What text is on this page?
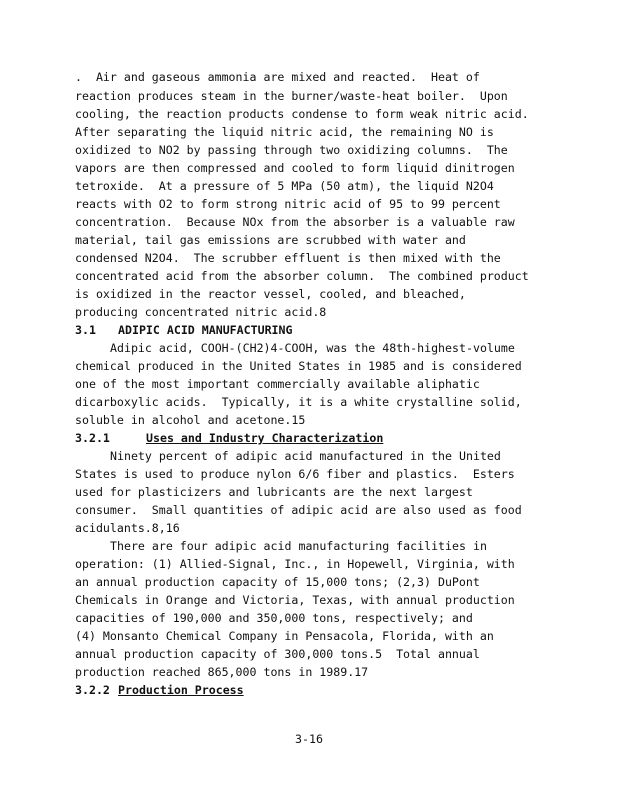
.  Air and gaseous ammonia are mixed and reacted.  Heat of
reaction produces steam in the burner/waste-heat boiler.  Upon
cooling, the reaction products condense to form weak nitric acid.
After separating the liquid nitric acid, the remaining NO is
oxidized to NO2 by passing through two oxidizing columns.  The
vapors are then compressed and cooled to form liquid dinitrogen
tetroxide.  At a pressure of 5 MPa (50 atm), the liquid N2O4
reacts with O2 to form strong nitric acid of 95 to 99 percent
concentration.  Because NOx from the absorber is a valuable raw
material, tail gas emissions are scrubbed with water and
condensed N2O4.  The scrubber effluent is then mixed with the
concentrated acid from the absorber column.  The combined product
is oxidized in the reactor vessel, cooled, and bleached,
producing concentrated nitric acid.8
3.1 ADIPIC ACID MANUFACTURING
Adipic acid, COOH-(CH2)4-COOH, was the 48th-highest-volume
chemical produced in the United States in 1985 and is considered
one of the most important commercially available aliphatic
dicarboxylic acids.  Typically, it is a white crystalline solid,
soluble in alcohol and acetone.15
3.2.1	Uses and Industry Characterization
Ninety percent of adipic acid manufactured in the United
States is used to produce nylon 6/6 fiber and plastics.  Esters
used for plasticizers and lubricants are the next largest
consumer.  Small quantities of adipic acid are also used as food
acidulants.8,16
There are four adipic acid manufacturing facilities in
operation: (1) Allied-Signal, Inc., in Hopewell, Virginia, with
an annual production capacity of 15,000 tons; (2,3) DuPont
Chemicals in Orange and Victoria, Texas, with annual production
capacities of 190,000 and 350,000 tons, respectively; and
(4) Monsanto Chemical Company in Pensacola, Florida, with an
annual production capacity of 300,000 tons.5  Total annual
production reached 865,000 tons in 1989.17
3.2.2 Production Process
3-16
